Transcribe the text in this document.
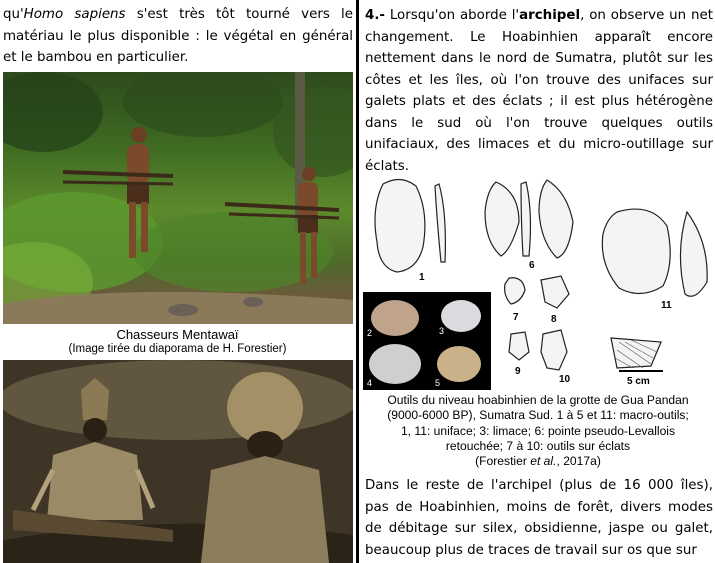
qu'Homo sapiens s'est très tôt tourné vers le matériau le plus disponible : le végétal en général et le bambou en particulier.

Chasseurs Mentawaï
(Image tirée du diaporama de H. Forestier)

4.- Lorsqu'on aborde l'archipel, on observe un net changement. Le Hoabinhien apparaît encore nettement dans le nord de Sumatra, plutôt sur les côtes et les îles, où l'on trouve des unifaces sur galets plats et des éclats ; il est plus hétérogène dans le sud où l'on trouve quelques outils unifaciaux, des limaces et du micro-outillage sur éclats.

5 cm
1
6
7	8
9
10
11
2	3
4	5
Outils du niveau hoabinhien de la grotte de Gua Pandan
(9000-6000 BP), Sumatra Sud. 1 à 5 et 11: macro-outils;
1, 11: uniface; 3: limace; 6: pointe pseudo-Levallois
retouchée; 7 à 10: outils sur éclats
(Forestier et al., 2017a)

Dans le reste de l'archipel (plus de 16 000 îles), pas de Hoabinhien, moins de forêt, divers modes de débitage sur silex, obsidienne, jaspe ou galet, beaucoup plus de traces de travail sur os que sur
